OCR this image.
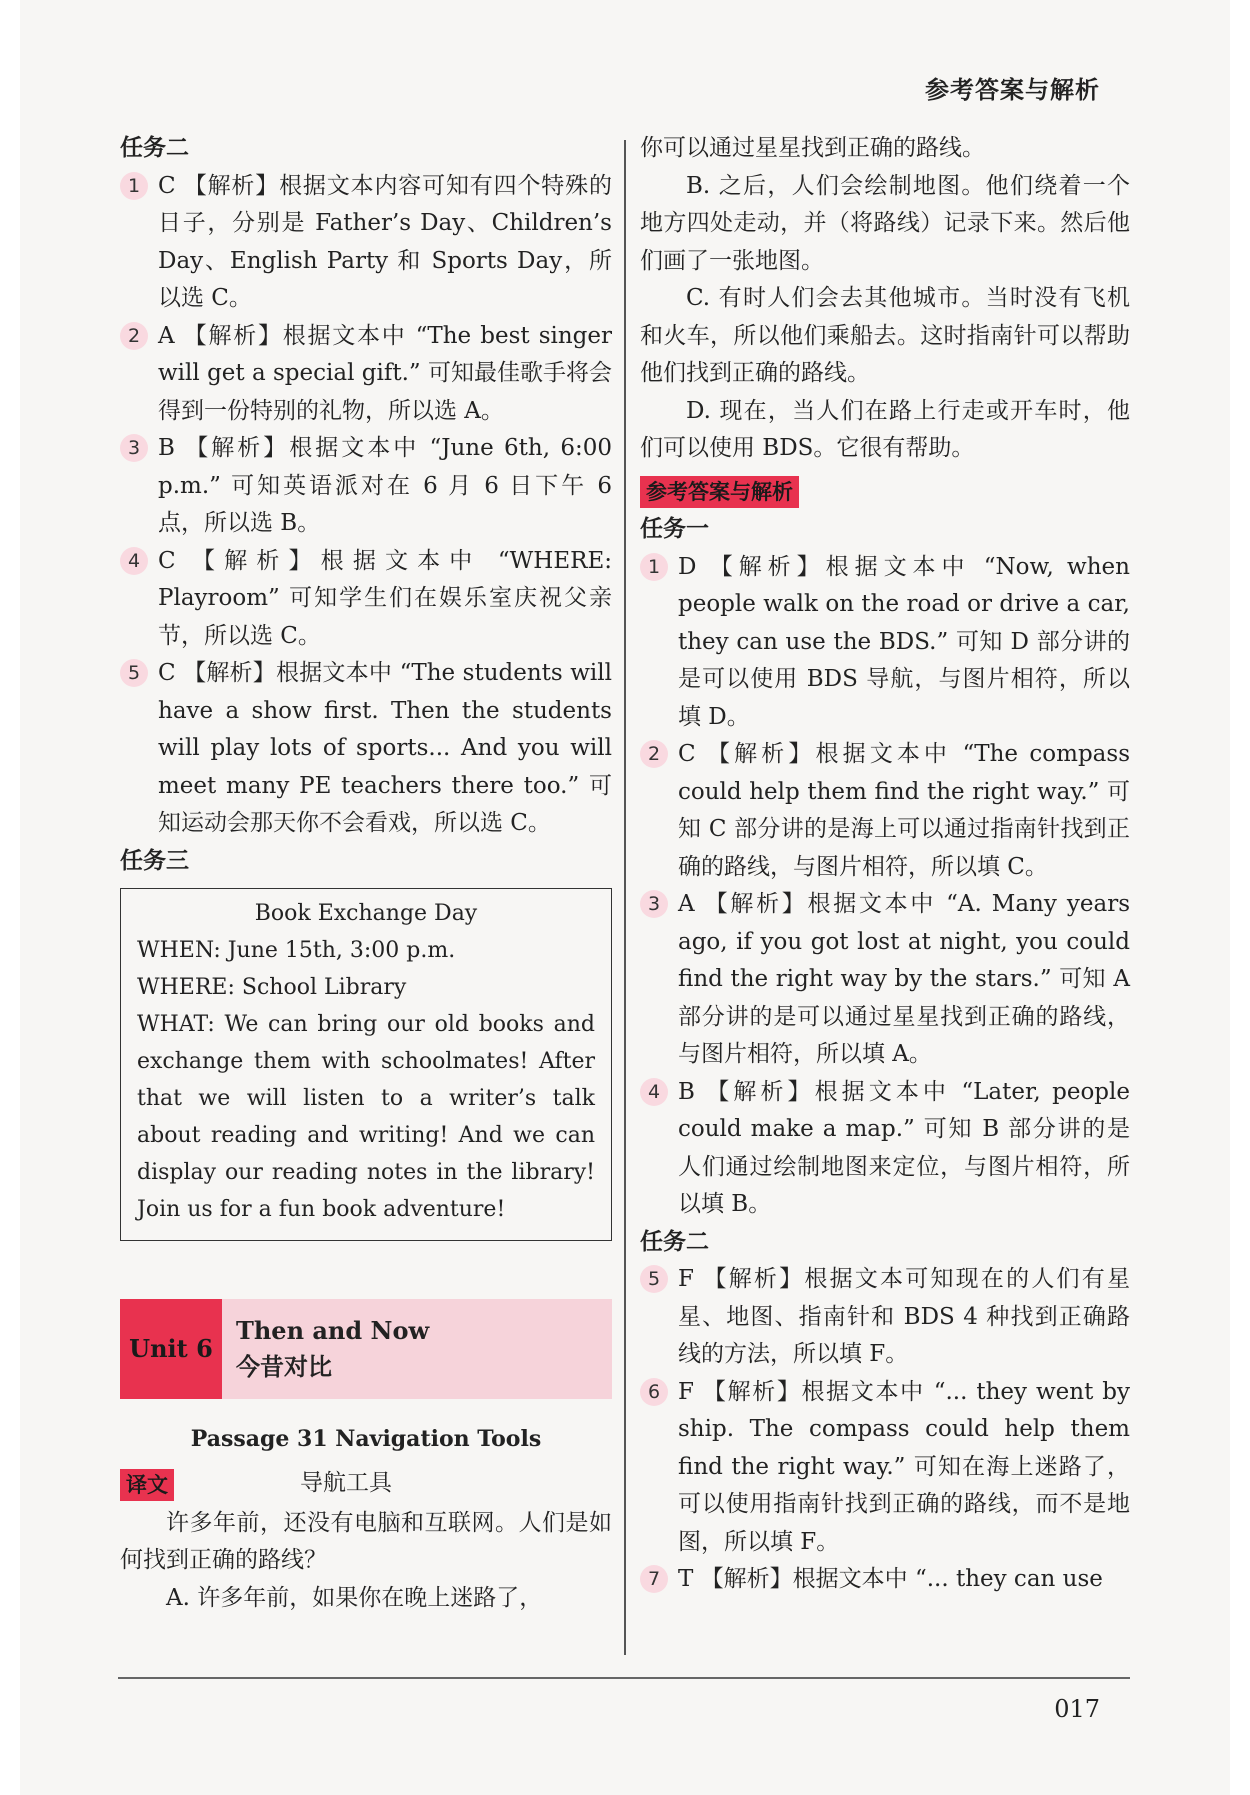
参考答案与解析

任务二

1 C 【解析】根据文本内容可知有四个特殊的日子，分别是 Father’s Day、Children’s Day、English Party 和 Sports Day，所以选 C。

2 A 【解析】根据文本中 “The best singer will get a special gift.” 可知最佳歌手将会得到一份特别的礼物，所以选 A。

3 B 【解析】根据文本中 “June 6th, 6:00 p.m.” 可知英语派对在 6 月 6 日下午 6 点，所以选 B。

4 C 【解析】根据文本中 “WHERE: Playroom” 可知学生们在娱乐室庆祝父亲节，所以选 C。

5 C 【解析】根据文本中 “The students will have a show first. Then the students will play lots of sports... And you will meet many PE teachers there too.” 可知运动会那天你不会看戏，所以选 C。

任务三

Book Exchange Day
WHEN: June 15th, 3:00 p.m.
WHERE: School Library
WHAT: We can bring our old books and exchange them with schoolmates! After that we will listen to a writer’s talk about reading and writing! And we can display our reading notes in the library! Join us for a fun book adventure!
Unit 6
Then and Now
今昔对比
Passage 31 Navigation Tools
译文	导航工具

许多年前，还没有电脑和互联网。人们是如何找到正确的路线？

A. 许多年前，如果你在晚上迷路了，

你可以通过星星找到正确的路线。

B. 之后，人们会绘制地图。他们绕着一个地方四处走动，并（将路线）记录下来。然后他们画了一张地图。

C. 有时人们会去其他城市。当时没有飞机和火车，所以他们乘船去。这时指南针可以帮助他们找到正确的路线。

D. 现在，当人们在路上行走或开车时，他们可以使用 BDS。它很有帮助。

参考答案与解析

任务一

1 D 【解析】根据文本中 “Now, when people walk on the road or drive a car, they can use the BDS.” 可知 D 部分讲的是可以使用 BDS 导航，与图片相符，所以填 D。

2 C 【解析】根据文本中 “The compass could help them find the right way.” 可知 C 部分讲的是海上可以通过指南针找到正确的路线，与图片相符，所以填 C。

3 A 【解析】根据文本中 “A. Many years ago, if you got lost at night, you could find the right way by the stars.” 可知 A 部分讲的是可以通过星星找到正确的路线，与图片相符，所以填 A。

4 B 【解析】根据文本中 “Later, people could make a map.” 可知 B 部分讲的是人们通过绘制地图来定位，与图片相符，所以填 B。

任务二

5 F 【解析】根据文本可知现在的人们有星星、地图、指南针和 BDS 4 种找到正确路线的方法，所以填 F。

6 F 【解析】根据文本中 “... they went by ship. The compass could help them find the right way.” 可知在海上迷路了，可以使用指南针找到正确的路线，而不是地图，所以填 F。

7 T 【解析】根据文本中 “... they can use

017
